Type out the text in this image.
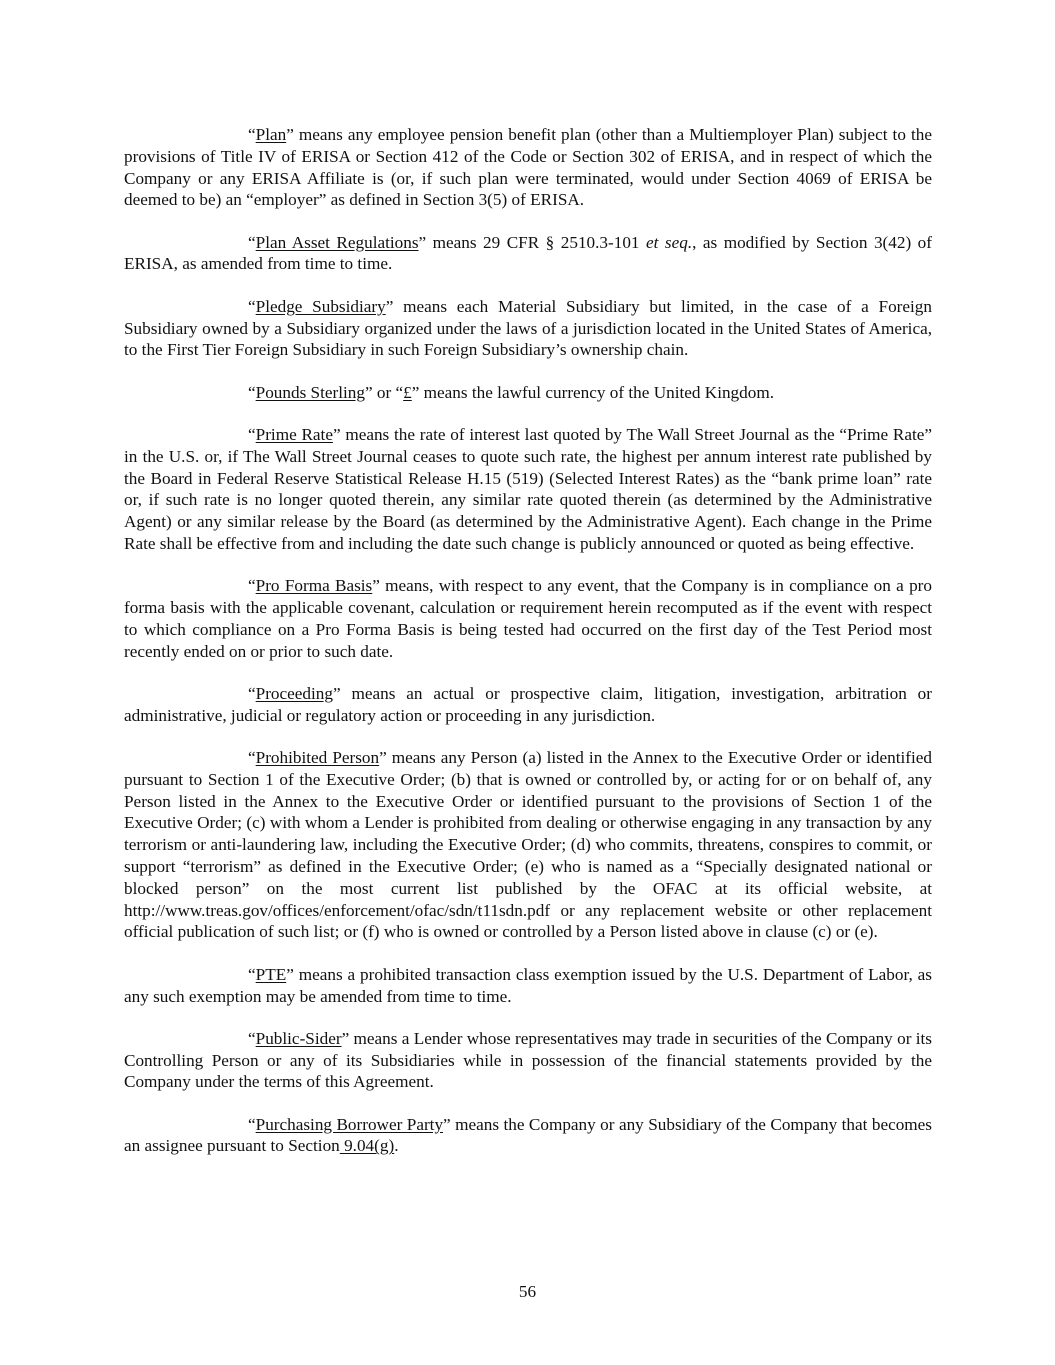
“Plan” means any employee pension benefit plan (other than a Multiemployer Plan) subject to the provisions of Title IV of ERISA or Section 412 of the Code or Section 302 of ERISA, and in respect of which the Company or any ERISA Affiliate is (or, if such plan were terminated, would under Section 4069 of ERISA be deemed to be) an “employer” as defined in Section 3(5) of ERISA.

“Plan Asset Regulations” means 29 CFR § 2510.3-101 et seq., as modified by Section 3(42) of ERISA, as amended from time to time.

“Pledge Subsidiary” means each Material Subsidiary but limited, in the case of a Foreign Subsidiary owned by a Subsidiary organized under the laws of a jurisdiction located in the United States of America, to the First Tier Foreign Subsidiary in such Foreign Subsidiary’s ownership chain.

“Pounds Sterling” or “£” means the lawful currency of the United Kingdom.

“Prime Rate” means the rate of interest last quoted by The Wall Street Journal as the “Prime Rate” in the U.S. or, if The Wall Street Journal ceases to quote such rate, the highest per annum interest rate published by the Board in Federal Reserve Statistical Release H.15 (519) (Selected Interest Rates) as the “bank prime loan” rate or, if such rate is no longer quoted therein, any similar rate quoted therein (as determined by the Administrative Agent) or any similar release by the Board (as determined by the Administrative Agent). Each change in the Prime Rate shall be effective from and including the date such change is publicly announced or quoted as being effective.

“Pro Forma Basis” means, with respect to any event, that the Company is in compliance on a pro forma basis with the applicable covenant, calculation or requirement herein recomputed as if the event with respect to which compliance on a Pro Forma Basis is being tested had occurred on the first day of the Test Period most recently ended on or prior to such date.

“Proceeding” means an actual or prospective claim, litigation, investigation, arbitration or administrative, judicial or regulatory action or proceeding in any jurisdiction.

“Prohibited Person” means any Person (a) listed in the Annex to the Executive Order or identified pursuant to Section 1 of the Executive Order; (b) that is owned or controlled by, or acting for or on behalf of, any Person listed in the Annex to the Executive Order or identified pursuant to the provisions of Section 1 of the Executive Order; (c) with whom a Lender is prohibited from dealing or otherwise engaging in any transaction by any terrorism or anti-laundering law, including the Executive Order; (d) who commits, threatens, conspires to commit, or support “terrorism” as defined in the Executive Order; (e) who is named as a “Specially designated national or blocked person” on the most current list published by the OFAC at its official website, at http://www.treas.gov/offices/enforcement/ofac/sdn/t11sdn.pdf or any replacement website or other replacement official publication of such list; or (f) who is owned or controlled by a Person listed above in clause (c) or (e).

“PTE” means a prohibited transaction class exemption issued by the U.S. Department of Labor, as any such exemption may be amended from time to time.

“Public-Sider” means a Lender whose representatives may trade in securities of the Company or its Controlling Person or any of its Subsidiaries while in possession of the financial statements provided by the Company under the terms of this Agreement.

“Purchasing Borrower Party” means the Company or any Subsidiary of the Company that becomes an assignee pursuant to Section 9.04(g).

56
